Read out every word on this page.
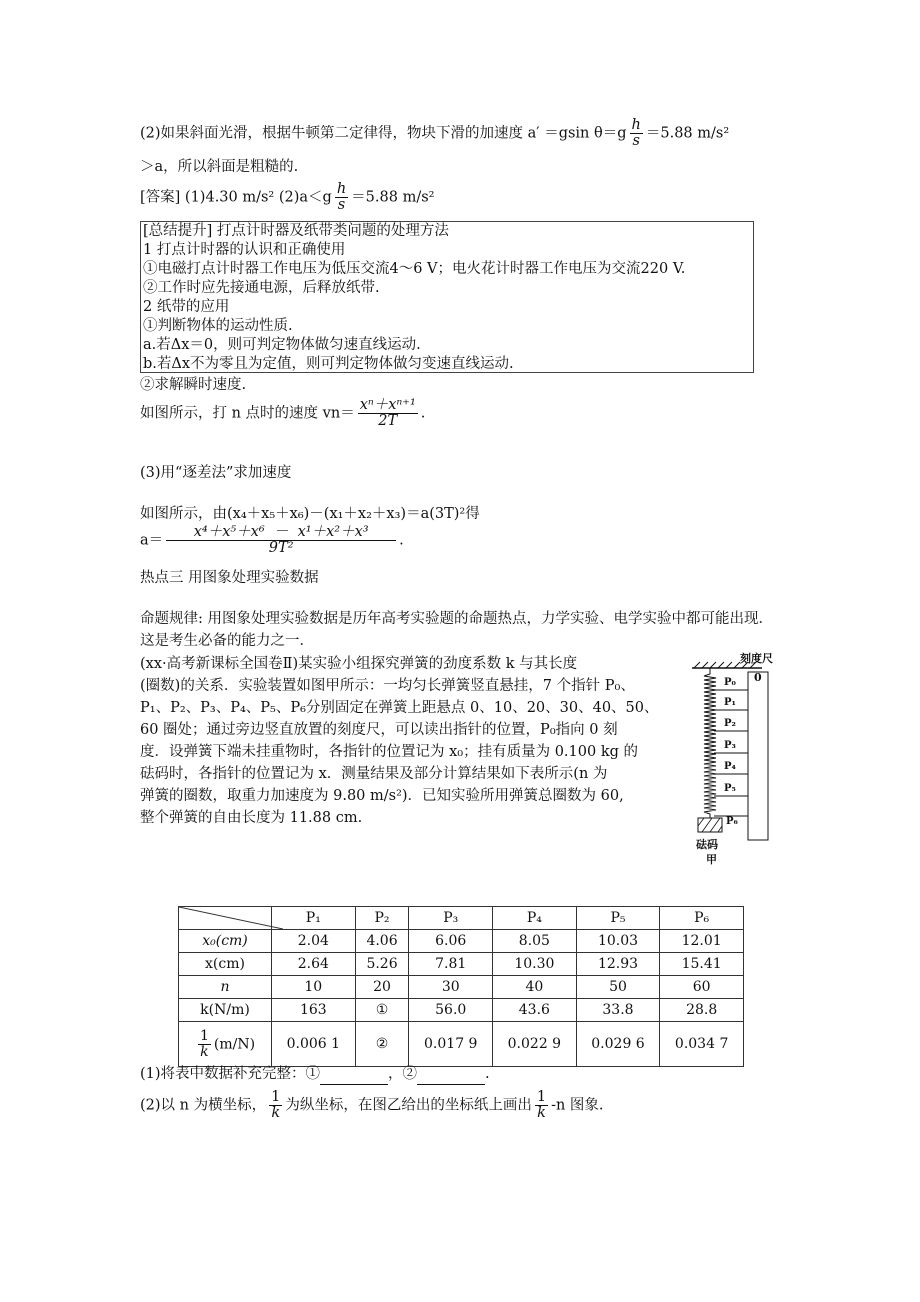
(2)如果斜面光滑，根据牛顿第二定律得，物块下滑的加速度 a′ ＝gsin $\theta=g \frac{h}{s} =5.88$ m/s²
＞a，所以斜面是粗糙的.
[答案] (1)4.30 m/s² $(2)a<g \frac{h}{s} =5.88$ m/s²
[总结提升] 打点计时器及纸带类问题的处理方法
1 打点计时器的认识和正确使用
①电磁打点计时器工作电压为低压交流4～6 V；电火花计时器工作电压为交流220 V.
②工作时应先接通电源，后释放纸带.
2 纸带的应用
①判断物体的运动性质.
a.若Δx＝0，则可判定物体做匀速直线运动.
b.若Δx不为零且为定值，则可判定物体做匀变速直线运动.
②求解瞬时速度.
如图所示，打 n 点时的速度 $vn= \frac{\text{xⁿ＋xⁿ⁺¹}}{2T}$ .
(3)用“逐差法”求加速度
如图所示，由(x₄＋x₅＋x₆)－(x₁＋x₂＋x₃)＝a(3T)²得
$a= \frac{\text{x⁴＋x⁵＋x⁶  －  x¹＋x²＋x³}}{\text{9T²}}$ .
热点三 用图象处理实验数据
命题规律: 用图象处理实验数据是历年高考实验题的命题热点，力学实验、电学实验中都可能出现．这是考生必备的能力之一．
(xx·高考新课标全国卷Ⅱ)某实验小组探究弹簧的劲度系数 k 与其长度
(圈数)的关系．实验装置如图甲所示：一均匀长弹簧竖直悬挂，7 个指针 P₀、
P₁、P₂、P₃、P₄、P₅、P₆分别固定在弹簧上距悬点 0、10、20、30、40、50、
60 圈处；通过旁边竖直放置的刻度尺，可以读出指针的位置，P₀指向 0 刻
度．设弹簧下端未挂重物时，各指针的位置记为 x₀；挂有质量为 0.100 kg 的
砝码时，各指针的位置记为 x．测量结果及部分计算结果如下表所示(n 为
弹簧的圈数，取重力加速度为 9.80 m/s²)．已知实验所用弹簧总圈数为 60,
整个弹簧的自由长度为 11.88 cm.
刻度尺
0
P₀
P₁
P₂
P₃
P₄
P₅
P₆
砝码
甲
	P₁	P₂	P₃	P₄	P₅	P₆
x₀(cm)	2.04	4.06	6.06	8.05	10.03	12.01
x(cm)	2.64	5.26	7.81	10.30	12.93	15.41
n	10	20	30	40	50	60
k(N/m)	163	①	56.0	43.6	33.8	28.8

$\frac{1}{k} (m/N)$	0.006 1	②	0.017 9	0.022 9	0.029 6	0.034 7
(1)将表中数据补充完整：①	，②	.
(2)以 n 为横坐标， $\frac{1}{k}$ 为纵坐标，在图乙给出的坐标纸上画出 $\frac{1}{k} -n$ 图象.
